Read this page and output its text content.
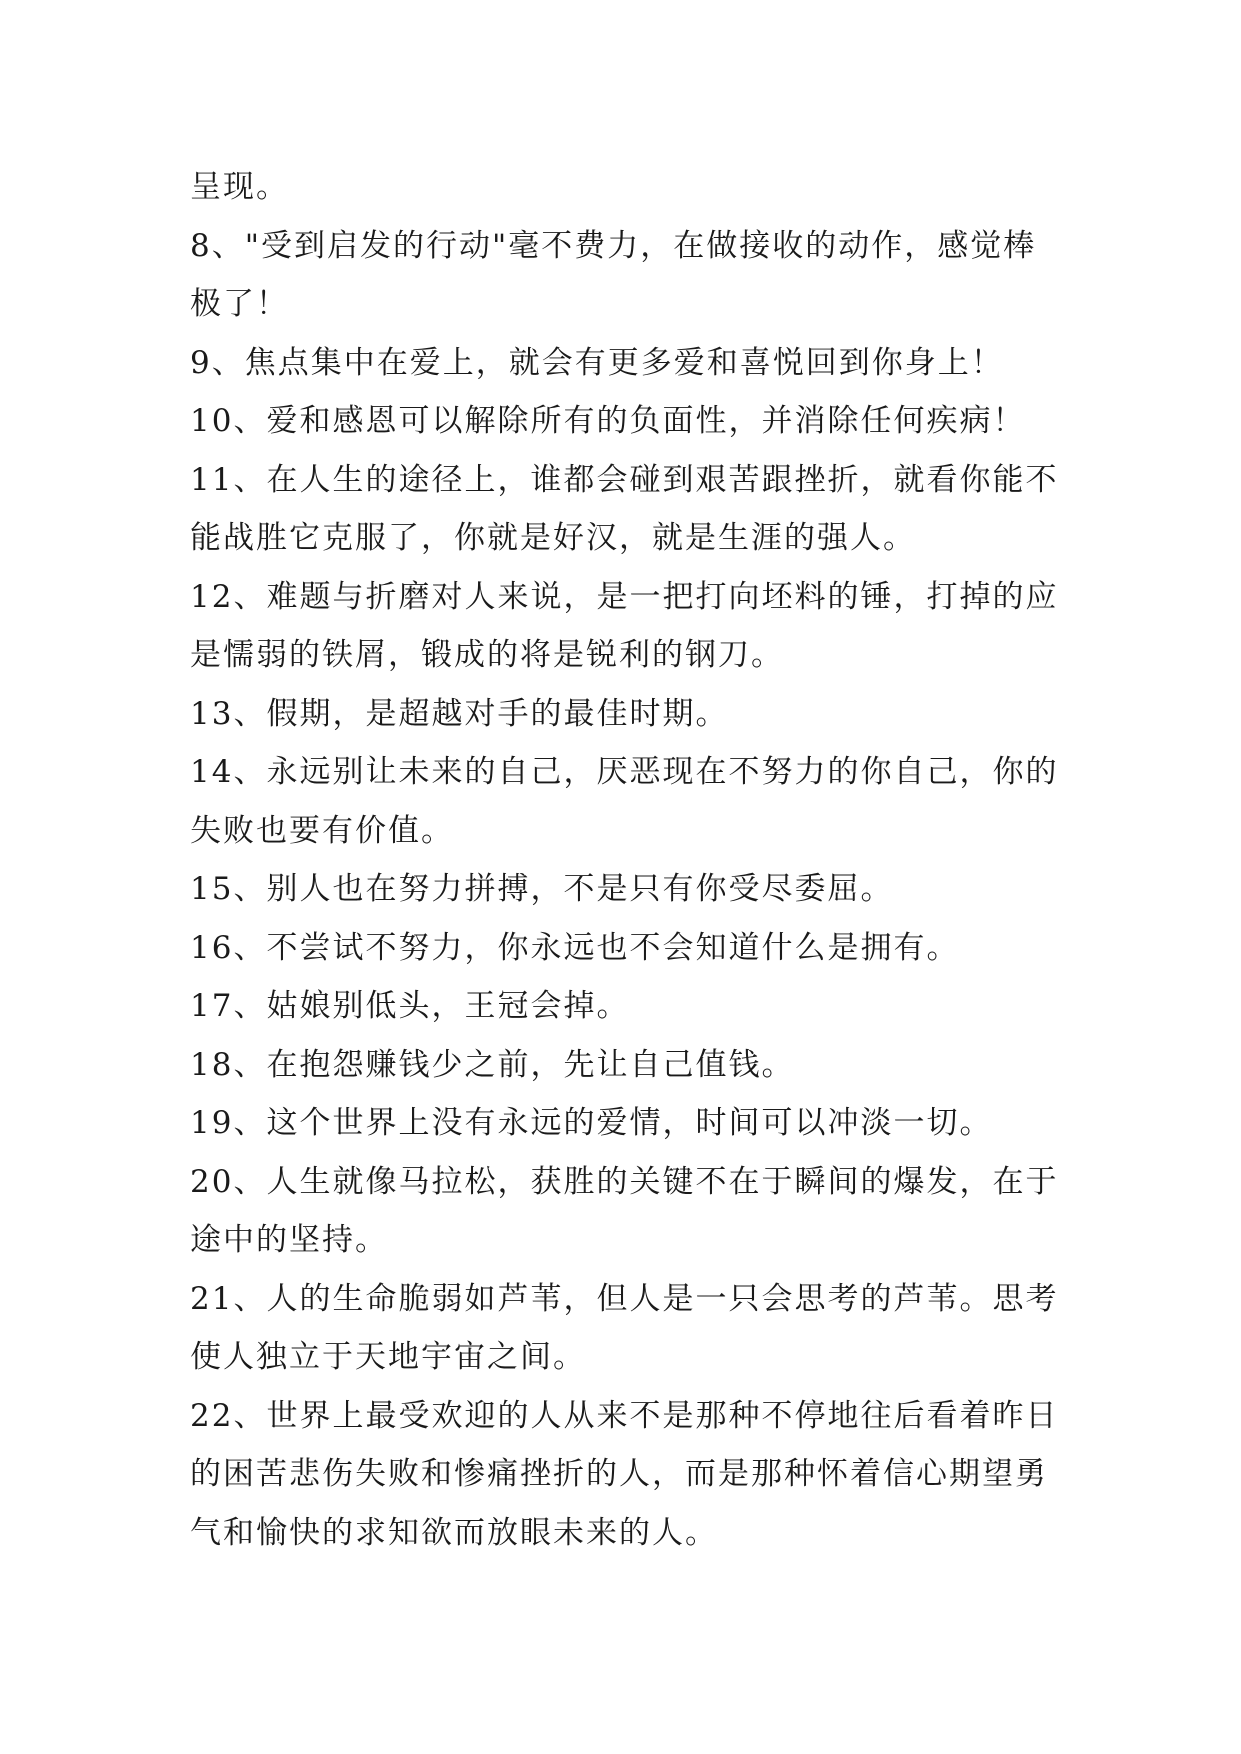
呈现。

8、"受到启发的行动"毫不费力，在做接收的动作，感觉棒极了！

9、焦点集中在爱上，就会有更多爱和喜悦回到你身上！

10、爱和感恩可以解除所有的负面性，并消除任何疾病！

11、在人生的途径上，谁都会碰到艰苦跟挫折，就看你能不能战胜它克服了，你就是好汉，就是生涯的强人。

12、难题与折磨对人来说，是一把打向坯料的锤，打掉的应是懦弱的铁屑，锻成的将是锐利的钢刀。

13、假期，是超越对手的最佳时期。

14、永远别让未来的自己，厌恶现在不努力的你自己，你的失败也要有价值。

15、别人也在努力拼搏，不是只有你受尽委屈。

16、不尝试不努力，你永远也不会知道什么是拥有。

17、姑娘别低头，王冠会掉。

18、在抱怨赚钱少之前，先让自己值钱。

19、这个世界上没有永远的爱情，时间可以冲淡一切。

20、人生就像马拉松，获胜的关键不在于瞬间的爆发，在于途中的坚持。

21、人的生命脆弱如芦苇，但人是一只会思考的芦苇。思考使人独立于天地宇宙之间。

22、世界上最受欢迎的人从来不是那种不停地往后看着昨日的困苦悲伤失败和惨痛挫折的人，而是那种怀着信心期望勇气和愉快的求知欲而放眼未来的人。
